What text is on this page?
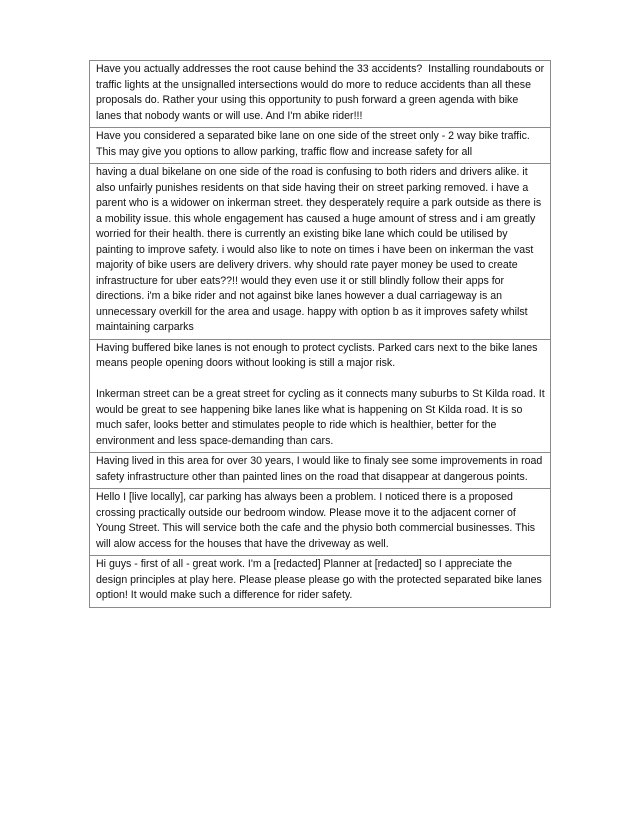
Have you actually addresses the root cause behind the 33 accidents?  Installing roundabouts or traffic lights at the unsignalled intersections would do more to reduce accidents than all these proposals do. Rather your using this opportunity to push forward a green agenda with bike lanes that nobody wants or will use. And I'm abike rider!!!
Have you considered a separated bike lane on one side of the street only - 2 way bike traffic. This may give you options to allow parking, traffic flow and increase safety for all
having a dual bikelane on one side of the road is confusing to both riders and drivers alike. it also unfairly punishes residents on that side having their on street parking removed. i have a parent who is a widower on inkerman street. they desperately require a park outside as there is a mobility issue. this whole engagement has caused a huge amount of stress and i am greatly worried for their health. there is currently an existing bike lane which could be utilised by painting to improve safety. i would also like to note on times i have been on inkerman the vast majority of bike users are delivery drivers. why should rate payer money be used to create infrastructure for uber eats??!! would they even use it or still blindly follow their apps for directions. i'm a bike rider and not against bike lanes however a dual carriageway is an unnecessary overkill for the area and usage. happy with option b as it improves safety whilst maintaining carparks
Having buffered bike lanes is not enough to protect cyclists. Parked cars next to the bike lanes means people opening doors without looking is still a major risk.

Inkerman street can be a great street for cycling as it connects many suburbs to St Kilda road. It would be great to see happening bike lanes like what is happening on St Kilda road. It is so much safer, looks better and stimulates people to ride which is healthier, better for the environment and less space-demanding than cars.
Having lived in this area for over 30 years, I would like to finaly see some improvements in road safety infrastructure other than painted lines on the road that disappear at dangerous points.
Hello I [live locally], car parking has always been a problem. I noticed there is a proposed crossing practically outside our bedroom window. Please move it to the adjacent corner of Young Street. This will service both the cafe and the physio both commercial businesses. This will alow access for the houses that have the driveway as well.
Hi guys - first of all - great work. I'm a [redacted] Planner at [redacted] so I appreciate the design principles at play here. Please please please go with the protected separated bike lanes option! It would make such a difference for rider safety.
